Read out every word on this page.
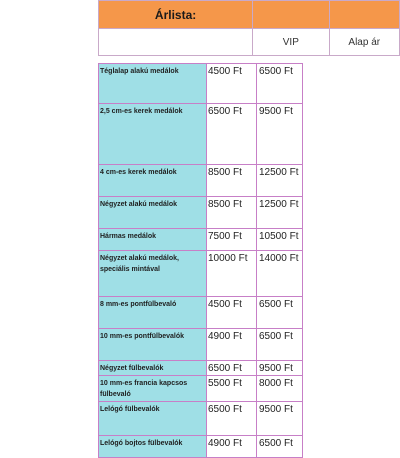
Árlista:		
	VIP	Alap ár
Téglalap alakú medálok	4500 Ft	6500 Ft
2,5 cm-es kerek medálok	6500 Ft	9500 Ft
4 cm-es kerek medálok	8500 Ft	12500 Ft
Négyzet alakú medálok	8500 Ft	12500 Ft
Hármas medálok	7500 Ft	10500 Ft
Négyzet alakú medálok, speciális mintával	10000 Ft	14000 Ft
8 mm-es pontfülbevaló	4500 Ft	6500 Ft
10 mm-es pontfülbevalók	4900 Ft	6500 Ft
Négyzet fülbevalók	6500 Ft	9500 Ft
10 mm-es francia kapcsos fülbevaló	5500 Ft	8000 Ft
Lelógó fülbevalók	6500 Ft	9500 Ft
Lelógó bojtos fülbevalók	4900 Ft	6500 Ft
